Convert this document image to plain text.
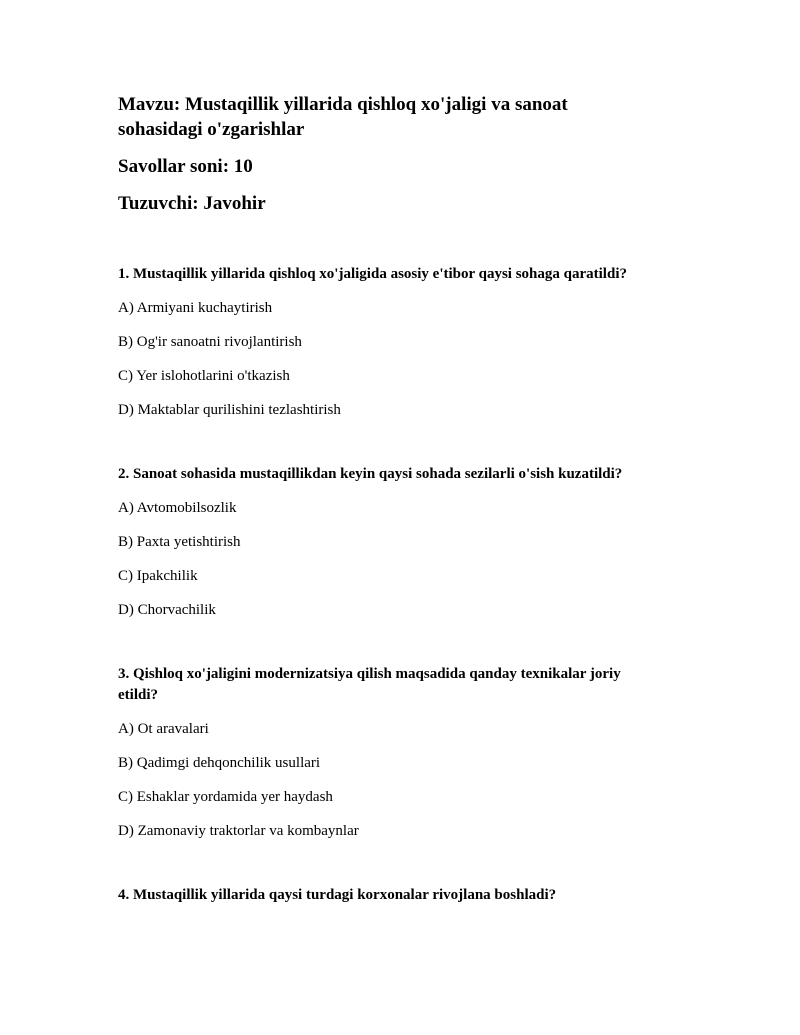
Mavzu: Mustaqillik yillarida qishloq xo'jaligi va sanoat sohasidagi o'zgarishlar

Savollar soni: 10

Tuzuvchi: Javohir

1. Mustaqillik yillarida qishloq xo'jaligida asosiy e'tibor qaysi sohaga qaratildi?

A) Armiyani kuchaytirish

B) Og'ir sanoatni rivojlantirish

C) Yer islohotlarini o'tkazish

D) Maktablar qurilishini tezlashtirish

2. Sanoat sohasida mustaqillikdan keyin qaysi sohada sezilarli o'sish kuzatildi?

A) Avtomobilsozlik

B) Paxta yetishtirish

C) Ipakchilik

D) Chorvachilik

3. Qishloq xo'jaligini modernizatsiya qilish maqsadida qanday texnikalar joriy etildi?

A) Ot aravalari

B) Qadimgi dehqonchilik usullari

C) Eshaklar yordamida yer haydash

D) Zamonaviy traktorlar va kombaynlar

4. Mustaqillik yillarida qaysi turdagi korxonalar rivojlana boshladi?
